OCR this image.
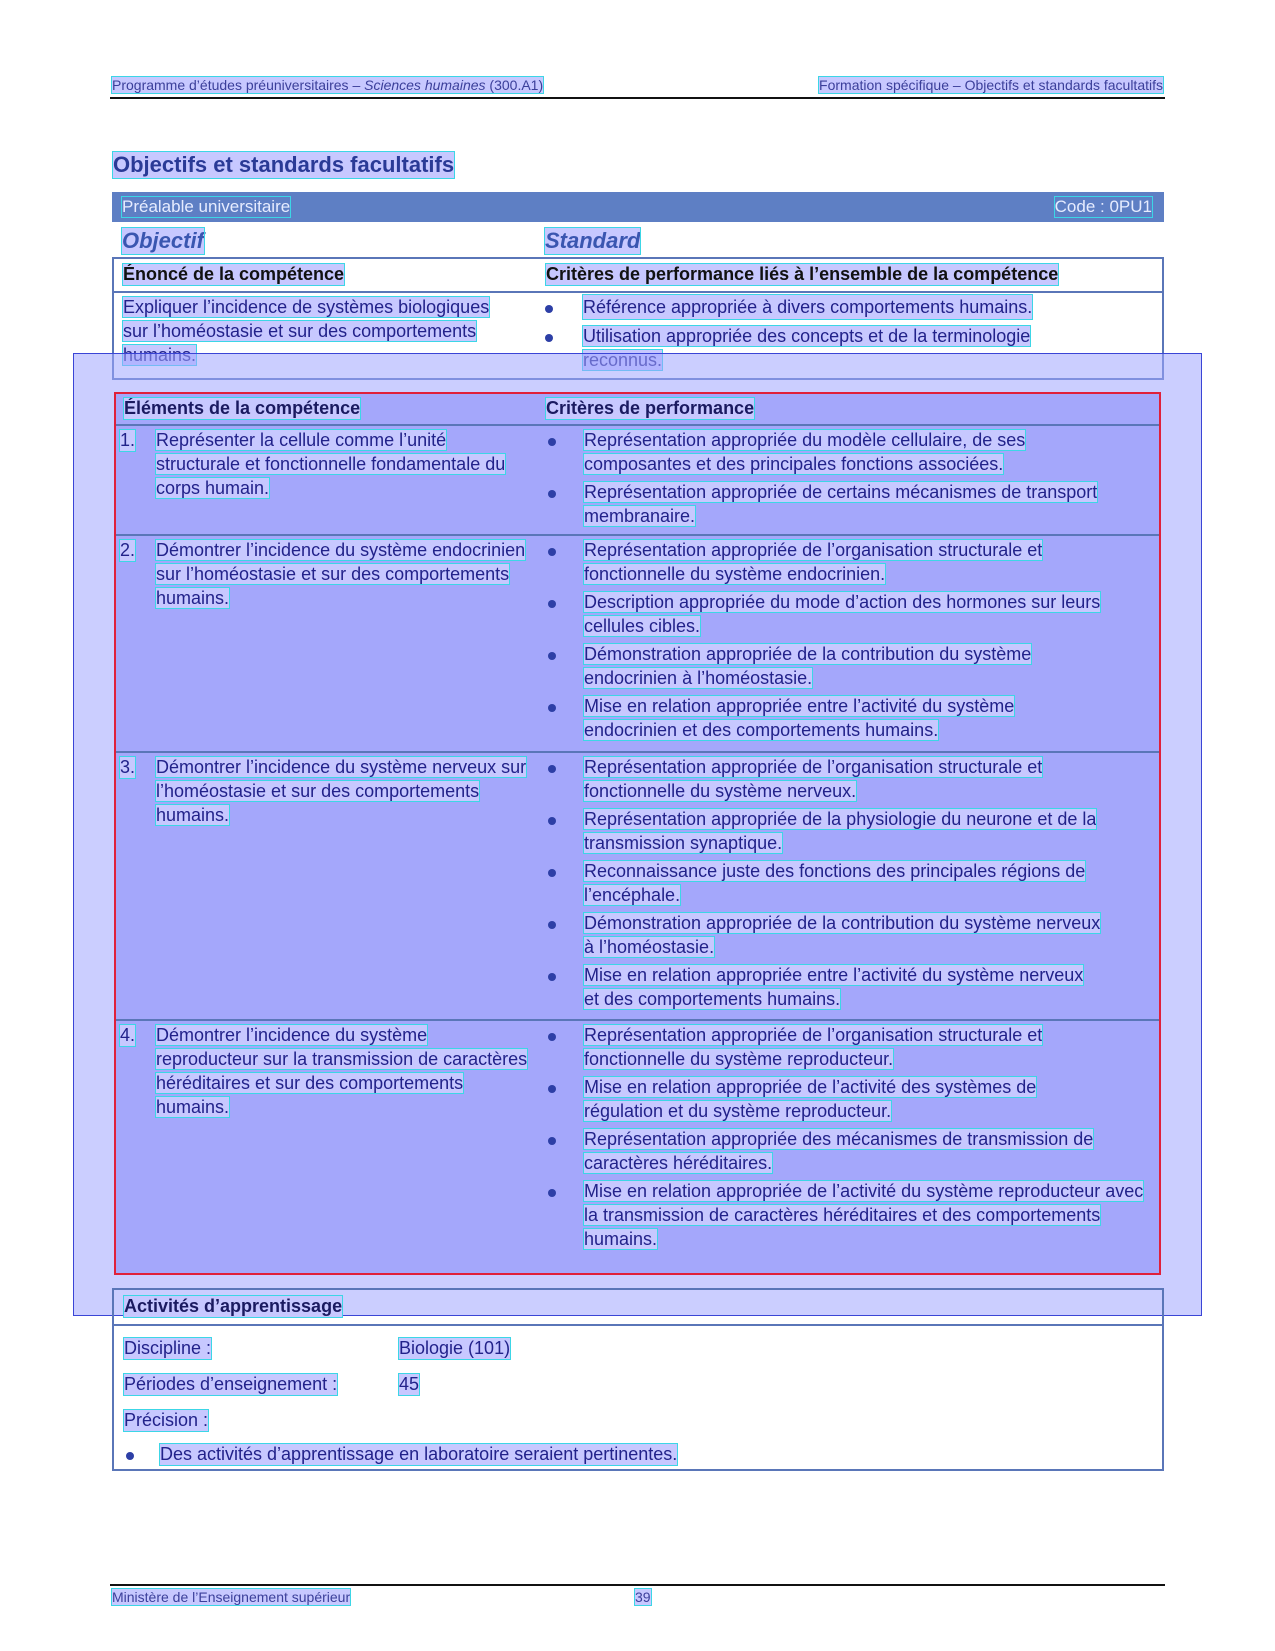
Programme d’études préuniversitaires – Sciences humaines (300.A1)	Formation spécifique – Objectifs et standards facultatifs
Objectifs et standards facultatifs
Préalable universitaire	Code : 0PU1
Objectif	Standard
Énoncé de la compétence	Critères de performance liés à l’ensemble de la compétence
Expliquer l’incidence de systèmes biologiques sur l’homéostasie et sur des comportements
Référence appropriée à divers comportements humains.
Utilisation appropriée des concepts et de la terminologie
Éléments de la compétence	Critères de performance
1. Représenter la cellule comme l’unité structurale et fonctionnelle fondamentale du corps humain.
Représentation appropriée du modèle cellulaire, de ses composantes et des principales fonctions associées.
Représentation appropriée de certains mécanismes de transport membranaire.
2. Démontrer l’incidence du système endocrinien sur l’homéostasie et sur des comportements humains.
Représentation appropriée de l’organisation structurale et fonctionnelle du système endocrinien.
Description appropriée du mode d’action des hormones sur leurs cellules cibles.
Démonstration appropriée de la contribution du système endocrinien à l’homéostasie.
Mise en relation appropriée entre l’activité du système endocrinien et des comportements humains.
3. Démontrer l’incidence du système nerveux sur l’homéostasie et sur des comportements humains.
Représentation appropriée de l’organisation structurale et fonctionnelle du système nerveux.
Représentation appropriée de la physiologie du neurone et de la transmission synaptique.
Reconnaissance juste des fonctions des principales régions de l’encéphale.
Démonstration appropriée de la contribution du système nerveux à l’homéostasie.
Mise en relation appropriée entre l’activité du système nerveux et des comportements humains.
4. Démontrer l’incidence du système reproducteur sur la transmission de caractères héréditaires et sur des comportements humains.
Représentation appropriée de l’organisation structurale et fonctionnelle du système reproducteur.
Mise en relation appropriée de l’activité des systèmes de régulation et du système reproducteur.
Représentation appropriée des mécanismes de transmission de caractères héréditaires.
Mise en relation appropriée de l’activité du système reproducteur avec la transmission de caractères héréditaires et des comportements humains.
Activités d’apprentissage
Discipline :	Biologie (101)
Périodes d’enseignement :	45
Précision :
Des activités d’apprentissage en laboratoire seraient pertinentes.
Ministère de l’Enseignement supérieur	39
